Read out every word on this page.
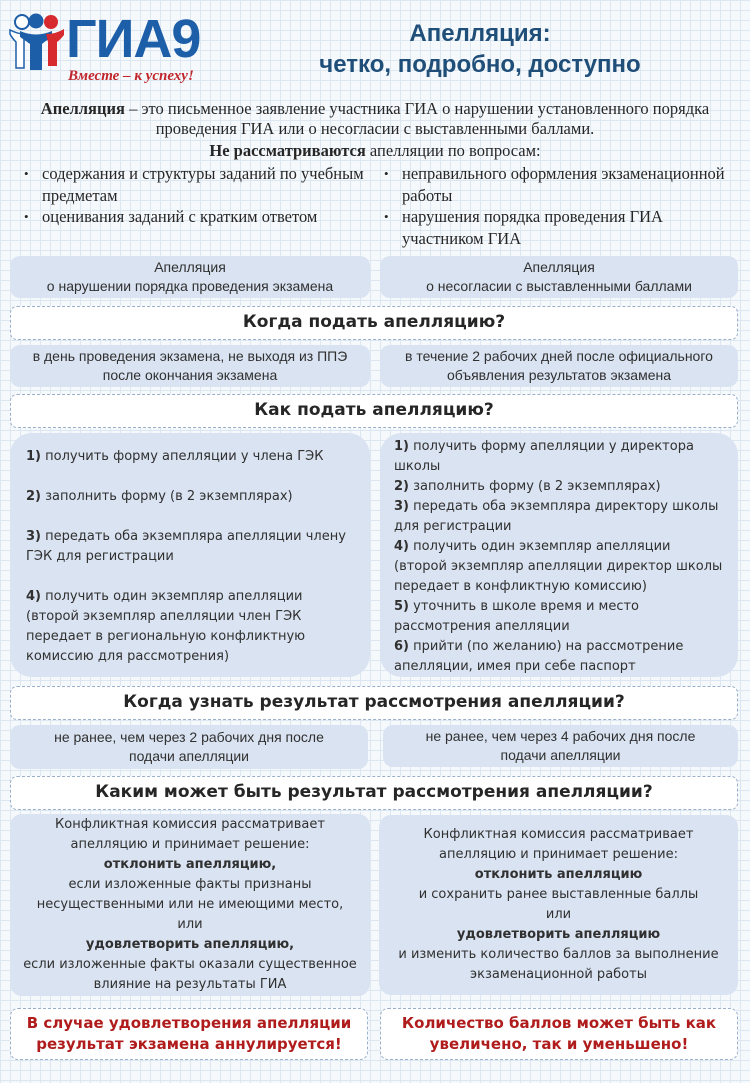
ГИА9
Вместе – к успеху!
Апелляция:
четко, подробно, доступно
Апелляция – это письменное заявление участника ГИА о нарушении установленного порядка проведения ГИА или о несогласии с выставленными баллами.
Не рассматриваются апелляции по вопросам:
• содержания и структуры заданий по учебным предметам
• оценивания заданий с кратким ответом
• неправильного оформления экзаменационной работы
• нарушения порядка проведения ГИА участником ГИА
Апелляция
о нарушении порядка проведения экзамена
Апелляция
о несогласии с выставленными баллами
Когда подать апелляцию?
в день проведения экзамена, не выходя из ППЭ после окончания экзамена
в течение 2 рабочих дней после официального объявления результатов экзамена
Как подать апелляцию?

1) получить форму апелляции у члена ГЭК

2) заполнить форму (в 2 экземплярах)

3) передать оба экземпляра апелляции члену ГЭК для регистрации

4) получить один экземпляр апелляции (второй экземпляр апелляции член ГЭК передает в региональную конфликтную комиссию для рассмотрения)

1) получить форму апелляции у директора школы

2) заполнить форму (в 2 экземплярах)

3) передать оба экземпляра директору школы для регистрации

4) получить один экземпляр апелляции (второй экземпляр апелляции директор школы передает в конфликтную комиссию)

5) уточнить в школе время и место рассмотрения апелляции

6) прийти (по желанию) на рассмотрение апелляции, имея при себе паспорт

Когда узнать результат рассмотрения апелляции?
не ранее, чем через 2 рабочих дня после подачи апелляции
не ранее, чем через 4 рабочих дня после подачи апелляции
Каким может быть результат рассмотрения апелляции?
Конфликтная комиссия рассматривает апелляцию и принимает решение:
отклонить апелляцию,
если изложенные факты признаны несущественными или не имеющими место,
или
удовлетворить апелляцию,
если изложенные факты оказали существенное влияние на результаты ГИА
Конфликтная комиссия рассматривает апелляцию и принимает решение:
отклонить апелляцию
и сохранить ранее выставленные баллы
или
удовлетворить апелляцию
и изменить количество баллов за выполнение экзаменационной работы
В случае удовлетворения апелляции
результат экзамена аннулируется!
Количество баллов может быть как
увеличено, так и уменьшено!
